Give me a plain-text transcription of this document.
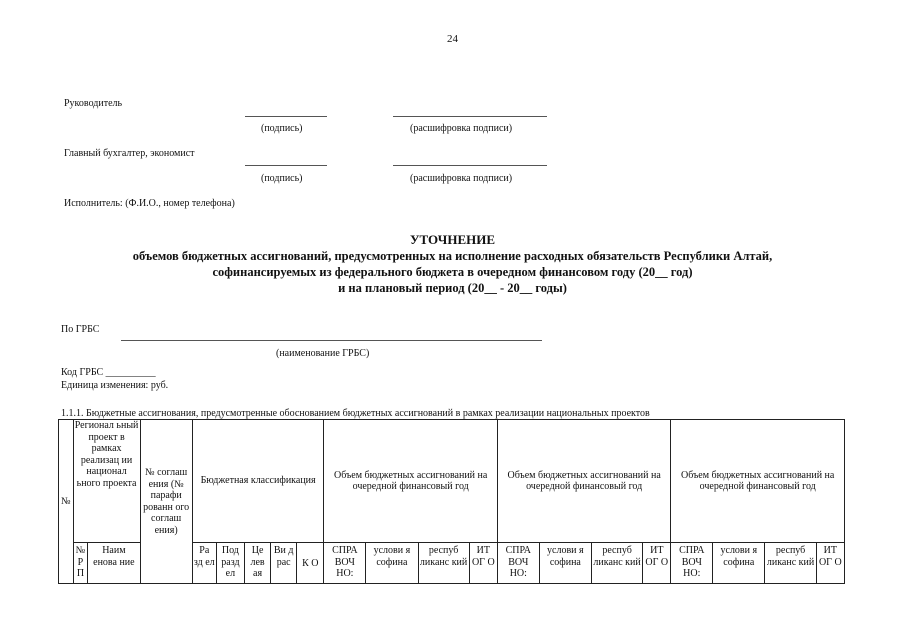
24
Руководитель
(подпись)	(расшифровка подписи)
Главный бухгалтер, экономист
(подпись)	(расшифровка подписи)
Исполнитель: (Ф.И.О., номер телефона)
УТОЧНЕНИЕ
объемов бюджетных ассигнований, предусмотренных на исполнение расходных обязательств Республики Алтай,
софинансируемых из федерального бюджета в очередном финансовом году (20__ год)
и на плановый период (20__ - 20__ годы)
По ГРБС
(наименование ГРБС)
Код ГРБС __________
Единица изменения: руб.
1.1.1. Бюджетные ассигнования, предусмотренные обоснованием бюджетных ассигнований в рамках реализации национальных проектов
№	Регионал ьный проект в рамках реализац ии национал ьного проекта		№ соглаш ения (№ парафи рованн ого соглаш ения)	Бюджетная классификация					Объем бюджетных ассигнований на очередной финансовый год				Объем бюджетных ассигнований на очередной финансовый год				Объем бюджетных ассигнований на очередной финансовый год			
	№ Р П	Наим енова ние		Ра зд ел	Под разд ел	Це лев ая	Ви д рас	К О	СПРА ВОЧ НО:	услови я софина	респуб ликанс кий	ИТ ОГ О	СПРА ВОЧ НО:	услови я софина	респуб ликанс кий	ИТ ОГ О	СПРА ВОЧ НО:	услови я софина	респуб ликанс кий	ИТ ОГ О
